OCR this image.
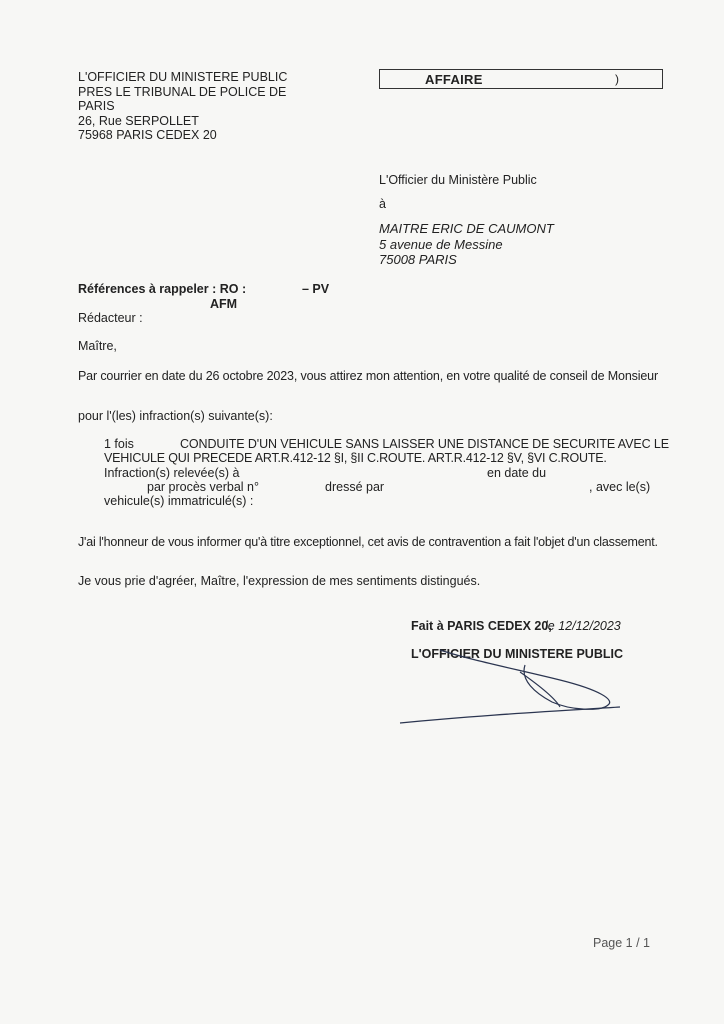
L'OFFICIER DU MINISTERE PUBLIC
PRES LE TRIBUNAL DE POLICE DE
PARIS
26, Rue SERPOLLET
75968 PARIS CEDEX 20
AFFAIRE	)
L'Officier du Ministère Public
à
MAITRE ERIC DE CAUMONT
5 avenue de Messine
75008 PARIS
Références à rappeler : RO :	– PV
AFM
Rédacteur :
Maître,
Par courrier en date du 26 octobre 2023, vous attirez mon attention, en votre qualité de conseil de Monsieur
pour l'(les) infraction(s) suivante(s):
1 fois	CONDUITE D'UN VEHICULE SANS LAISSER UNE DISTANCE DE SECURITE AVEC LE
VEHICULE QUI PRECEDE ART.R.412-12 §I, §II C.ROUTE. ART.R.412-12 §V, §VI C.ROUTE.
Infraction(s) relevée(s) à	en date du
par procès verbal n°	dressé par	, avec le(s)
vehicule(s) immatriculé(s) :
J'ai l'honneur de vous informer qu'à titre exceptionnel, cet avis de contravention a fait l'objet d'un classement.
Je vous prie d'agréer, Maître, l'expression de mes sentiments distingués.
Fait à PARIS CEDEX 20,
le 12/12/2023
L'OFFICIER DU MINISTERE PUBLIC
Page 1 / 1
